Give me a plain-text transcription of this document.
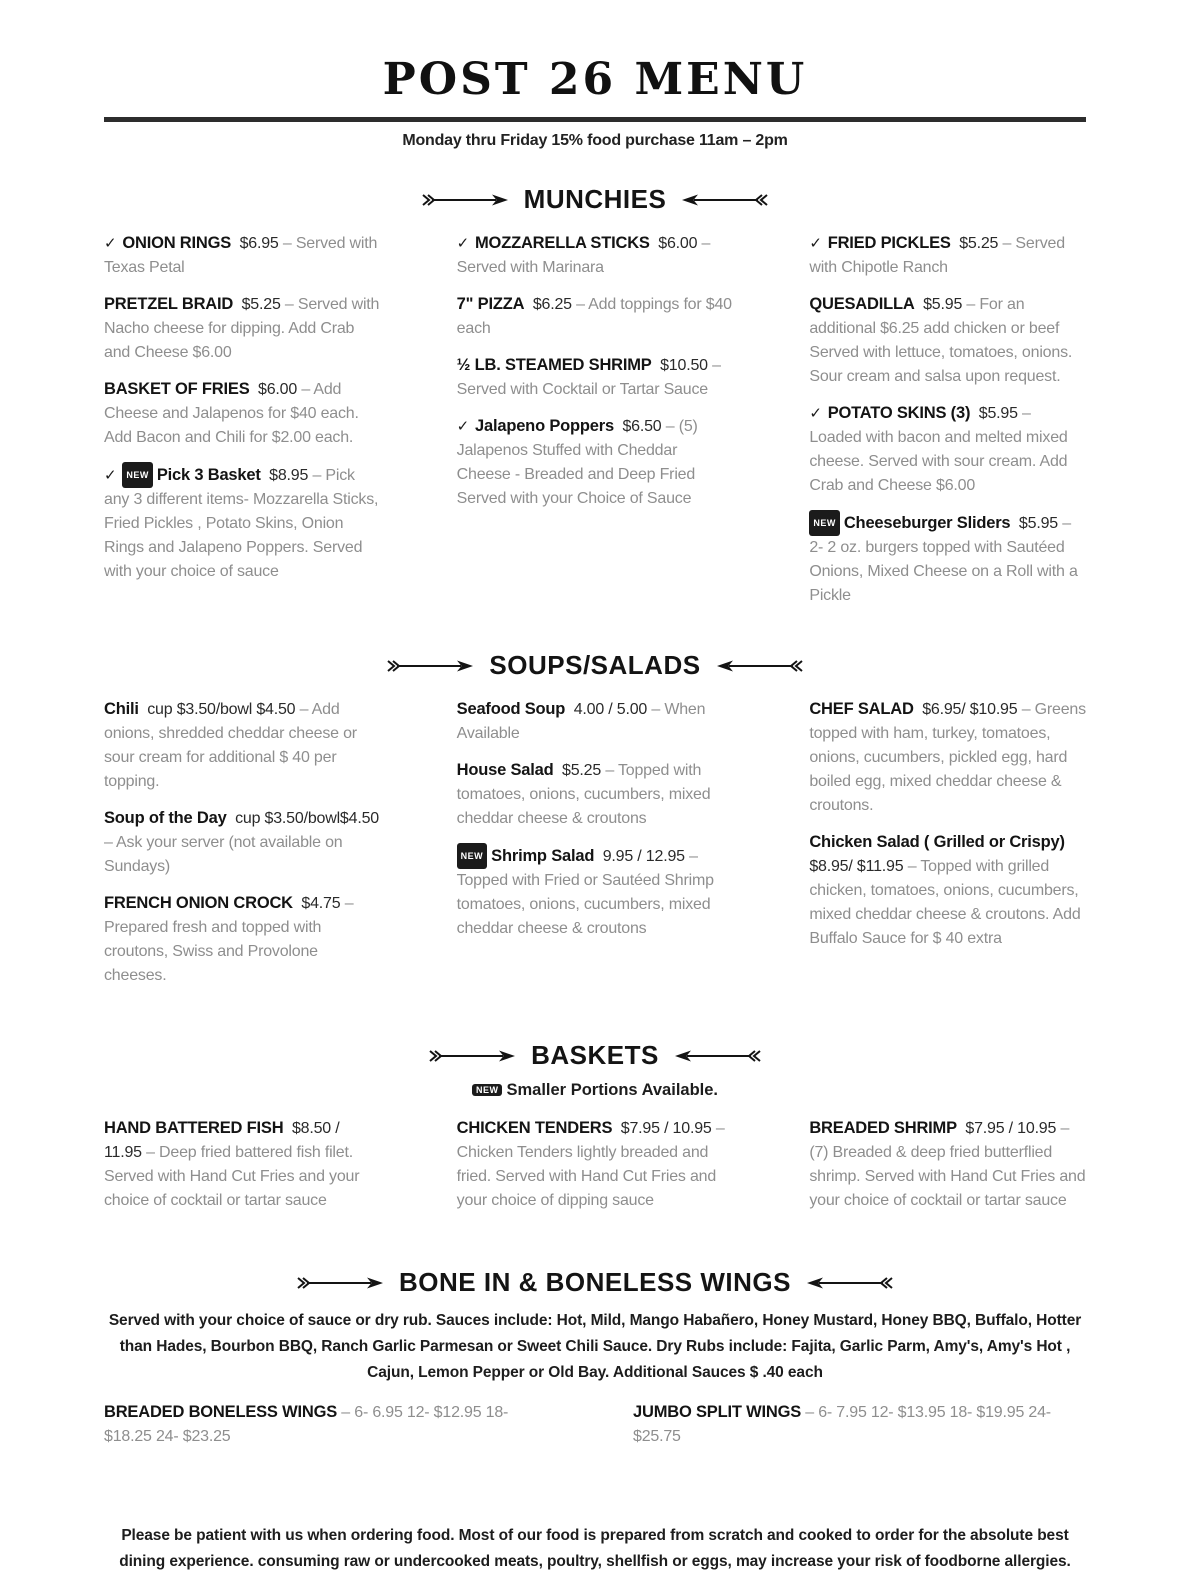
POST 26 MENU
Monday thru Friday 15% food purchase 11am – 2pm
MUNCHIES
✓ ONION RINGS $6.95 – Served with Texas Petal
PRETZEL BRAID $5.25 – Served with Nacho cheese for dipping. Add Crab and Cheese $6.00
BASKET OF FRIES $6.00 – Add Cheese and Jalapenos for $40 each. Add Bacon and Chili for $2.00 each.
✓ NEW Pick 3 Basket $8.95 – Pick any 3 different items- Mozzarella Sticks, Fried Pickles , Potato Skins, Onion Rings and Jalapeno Poppers. Served with your choice of sauce
✓ MOZZARELLA STICKS $6.00 – Served with Marinara
7" PIZZA $6.25 – Add toppings for $40 each
½ LB. STEAMED SHRIMP $10.50 – Served with Cocktail or Tartar Sauce
✓ Jalapeno Poppers $6.50 – (5) Jalapenos Stuffed with Cheddar Cheese - Breaded and Deep Fried Served with your Choice of Sauce
✓ FRIED PICKLES $5.25 – Served with Chipotle Ranch
QUESADILLA $5.95 – For an additional $6.25 add chicken or beef Served with lettuce, tomatoes, onions. Sour cream and salsa upon request.
✓ POTATO SKINS (3) $5.95 – Loaded with bacon and melted mixed cheese. Served with sour cream. Add Crab and Cheese $6.00
NEW Cheeseburger Sliders $5.95 – 2- 2 oz. burgers topped with Sautéed Onions, Mixed Cheese on a Roll with a Pickle
SOUPS/SALADS
Chili cup $3.50/bowl $4.50 – Add onions, shredded cheddar cheese or sour cream for additional $ 40 per topping.
Soup of the Day cup $3.50/bowl$4.50 – Ask your server (not available on Sundays)
FRENCH ONION CROCK $4.75 – Prepared fresh and topped with croutons, Swiss and Provolone cheeses.
Seafood Soup 4.00 / 5.00 – When Available
House Salad $5.25 – Topped with tomatoes, onions, cucumbers, mixed cheddar cheese & croutons
NEW Shrimp Salad 9.95 / 12.95 – Topped with Fried or Sautéed Shrimp tomatoes, onions, cucumbers, mixed cheddar cheese & croutons
CHEF SALAD $6.95/ $10.95 – Greens topped with ham, turkey, tomatoes, onions, cucumbers, pickled egg, hard boiled egg, mixed cheddar cheese & croutons.
Chicken Salad ( Grilled or Crispy)  $8.95/ $11.95 – Topped with grilled chicken, tomatoes, onions, cucumbers, mixed cheddar cheese & croutons. Add Buffalo Sauce for $ 40 extra
BASKETS
NEW Smaller Portions Available.
HAND BATTERED FISH $8.50 / 11.95 – Deep fried battered fish filet. Served with Hand Cut Fries and your choice of cocktail or tartar sauce
CHICKEN TENDERS $7.95 / 10.95 – Chicken Tenders lightly breaded and fried. Served with Hand Cut Fries and your choice of dipping sauce
BREADED SHRIMP $7.95 / 10.95 – (7) Breaded & deep fried butterflied shrimp. Served with Hand Cut Fries and your choice of cocktail or tartar sauce
BONE IN & BONELESS WINGS
Served with your choice of sauce or dry rub. Sauces include: Hot, Mild, Mango Habañero, Honey Mustard, Honey BBQ, Buffalo, Hotter than Hades, Bourbon BBQ, Ranch Garlic Parmesan or Sweet Chili Sauce. Dry Rubs include: Fajita, Garlic Parm, Amy's, Amy's Hot , Cajun, Lemon Pepper or Old Bay. Additional Sauces $ .40 each
BREADED BONELESS WINGS – 6- 6.95 12- $12.95 18- $18.25 24- $23.25
JUMBO SPLIT WINGS – 6- 7.95 12- $13.95 18- $19.95 24- $25.75
Please be patient with us when ordering food. Most of our food is prepared from scratch and cooked to order for the absolute best dining experience. consuming raw or undercooked meats, poultry, shellfish or eggs, may increase your risk of foodborne allergies.
